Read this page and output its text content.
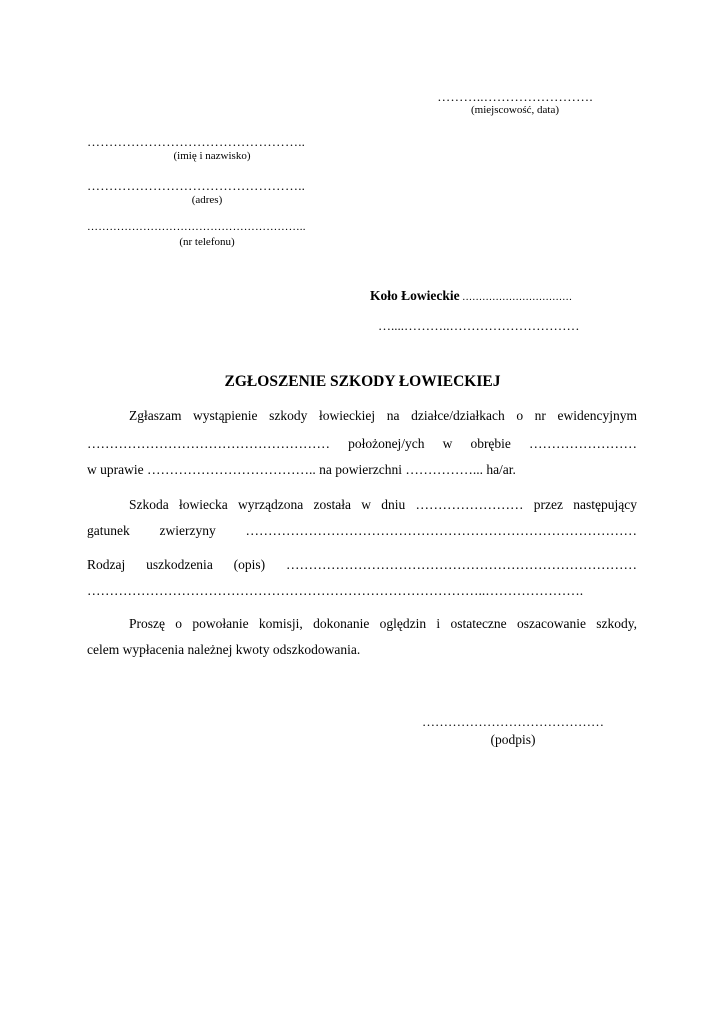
………..…………………….
(miejscowość, data)
…………………………………………..
(imię i nazwisko)
…………………………………………..
(adres)
…………………………………………………..
(nr telefonu)
Koło Łowieckie ……………………………
…....………..…………………………
ZGŁOSZENIE SZKODY ŁOWIECKIEJ
Zgłaszam wystąpienie szkody łowieckiej na działce/działkach o nr ewidencyjnym
……………………………………………… położonej/ych w obrębie ……………………
w uprawie ……………………………….. na powierzchni ……………... ha/ar.
Szkoda łowiecka wyrządzona została w dniu …………………… przez następujący
gatunek zwierzyny ……………………………………………………………………………
Rodzaj uszkodzenia (opis) ……………………………………………………………………
……………………………………………………………………………..………………….
Proszę o powołanie komisji, dokonanie oględzin i ostateczne oszacowanie szkody,
celem wypłacenia należnej kwoty odszkodowania.
……………………………………
(podpis)
